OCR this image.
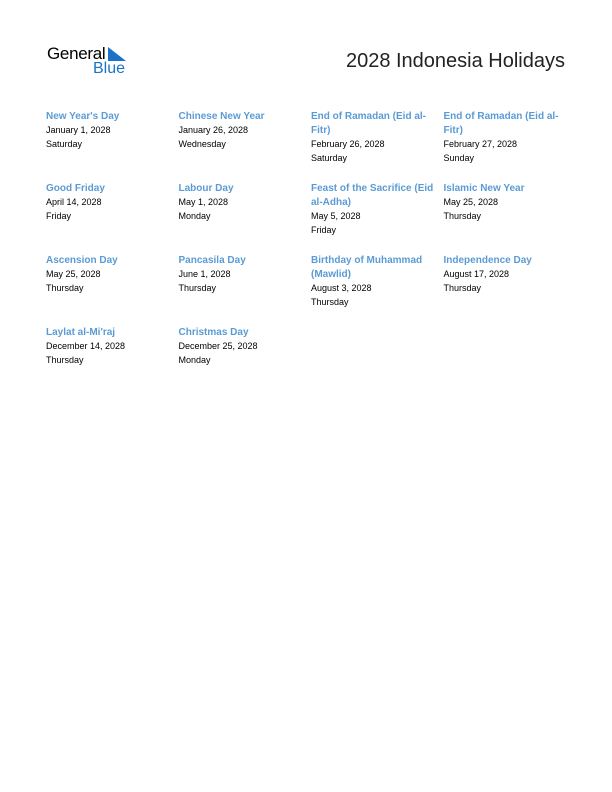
General
Blue	2028 Indonesia Holidays
New Year's Day
January 1, 2028
Saturday
Chinese New Year
January 26, 2028
Wednesday
End of Ramadan (Eid al-Fitr)
February 26, 2028
Saturday
End of Ramadan (Eid al-Fitr)
February 27, 2028
Sunday
Good Friday
April 14, 2028
Friday
Labour Day
May 1, 2028
Monday
Feast of the Sacrifice (Eid al-Adha)
May 5, 2028
Friday
Islamic New Year
May 25, 2028
Thursday
Ascension Day
May 25, 2028
Thursday
Pancasila Day
June 1, 2028
Thursday
Birthday of Muhammad (Mawlid)
August 3, 2028
Thursday
Independence Day
August 17, 2028
Thursday
Laylat al-Mi'raj
December 14, 2028
Thursday
Christmas Day
December 25, 2028
Monday
